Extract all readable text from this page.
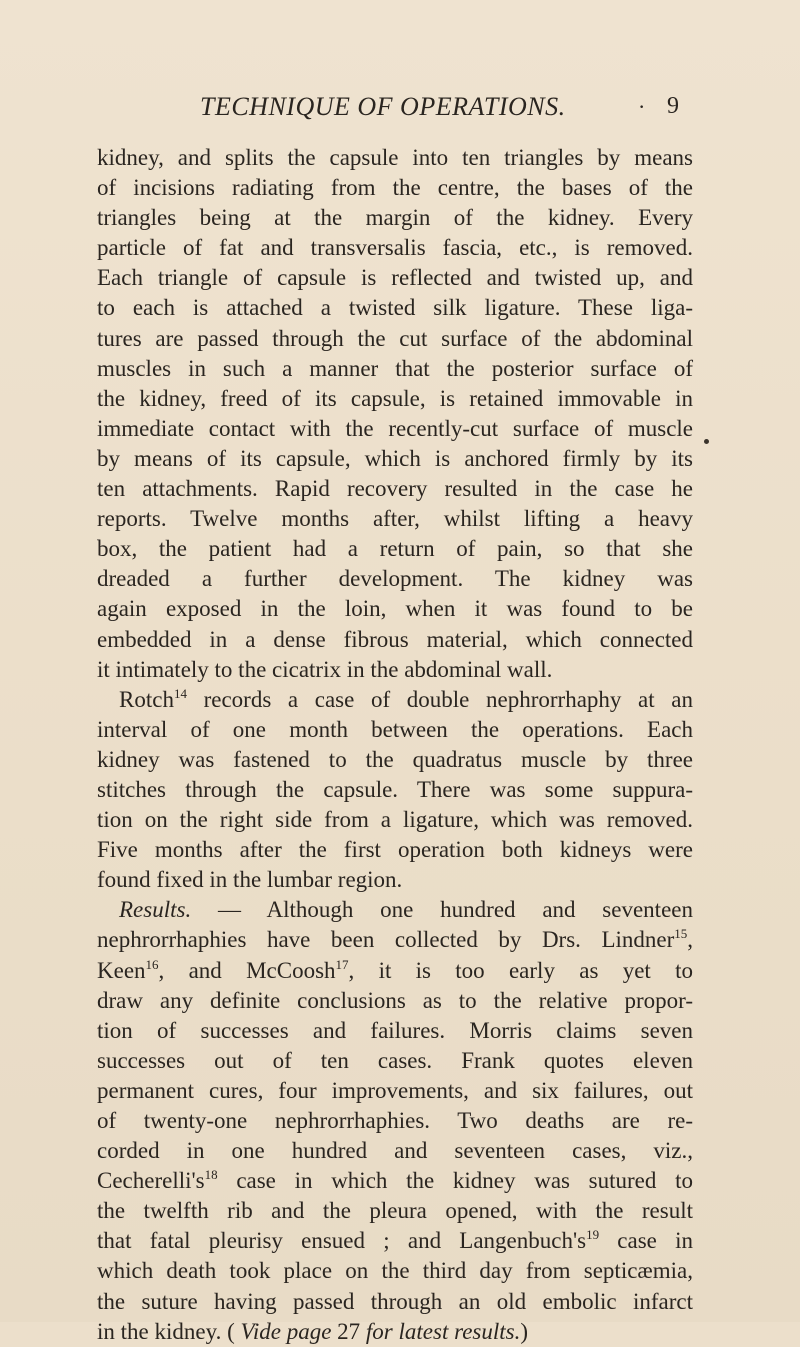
TECHNIQUE OF OPERATIONS.	· 9
kidney, and splits the capsule into ten triangles by means
of incisions radiating from the centre, the bases of the
triangles being at the margin of the kidney. Every
particle of fat and transversalis fascia, etc., is removed.
Each triangle of capsule is reflected and twisted up, and
to each is attached a twisted silk ligature. These liga-
tures are passed through the cut surface of the abdominal
muscles in such a manner that the posterior surface of
the kidney, freed of its capsule, is retained immovable in
immediate contact with the recently-cut surface of muscle
by means of its capsule, which is anchored firmly by its
ten attachments. Rapid recovery resulted in the case he
reports. Twelve months after, whilst lifting a heavy
box, the patient had a return of pain, so that she
dreaded a further development. The kidney was
again exposed in the loin, when it was found to be
embedded in a dense fibrous material, which connected
it intimately to the cicatrix in the abdominal wall.
Rotch$^{14}$ records a case of double nephrorrhaphy at an
interval of one month between the operations. Each
kidney was fastened to the quadratus muscle by three
stitches through the capsule. There was some suppura-
tion on the right side from a ligature, which was removed.
Five months after the first operation both kidneys were
found fixed in the lumbar region.
Results. — Although one hundred and seventeen
nephrorrhaphies have been collected by Drs. Lindner$^{15}$,
Keen$^{16}$, and McCoosh$^{17}$, it is too early as yet to
draw any definite conclusions as to the relative propor-
tion of successes and failures. Morris claims seven
successes out of ten cases. Frank quotes eleven
permanent cures, four improvements, and six failures, out
of twenty-one nephrorrhaphies. Two deaths are re-
corded in one hundred and seventeen cases, viz.,
$Cecherelli's^{18}$ case in which the kidney was sutured to
the twelfth rib and the pleura opened, with the result
that fatal pleurisy ensued ; and $Langenbuch's^{19}$ case in
which death took place on the third day from septicæmia,
the suture having passed through an old embolic infarct
in the kidney. ( Vide page 27 for latest results.)
